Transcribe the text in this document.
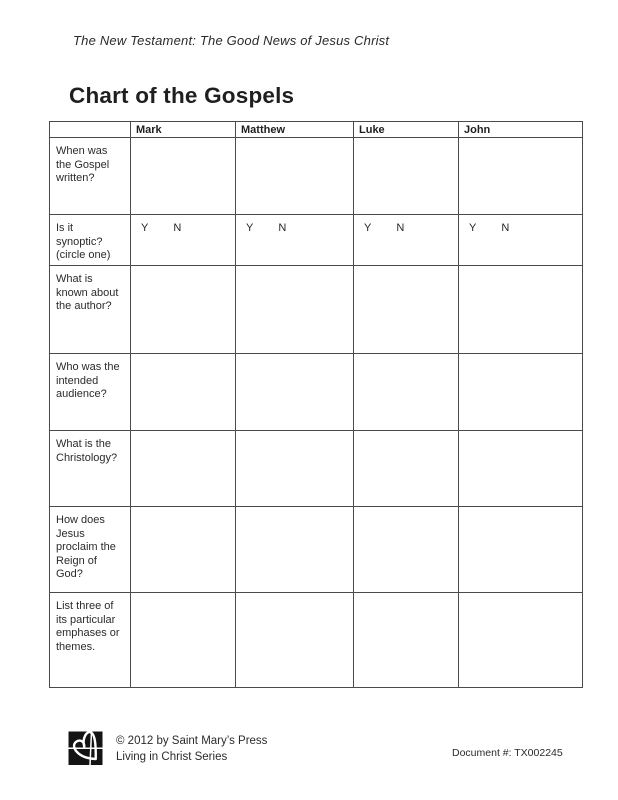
The New Testament: The Good News of Jesus Christ
Chart of the Gospels
	Mark	Matthew	Luke	John
When was the Gospel written?				
Is it synoptic? (circle one)	Y N	Y N	Y N	Y N
What is known about the author?				
Who was the intended audience?				
What is the Christology?				
How does Jesus proclaim the Reign of God?				
List three of its particular emphases or themes.				
© 2012 by Saint Mary’s Press
Living in Christ Series	Document #: TX002245
